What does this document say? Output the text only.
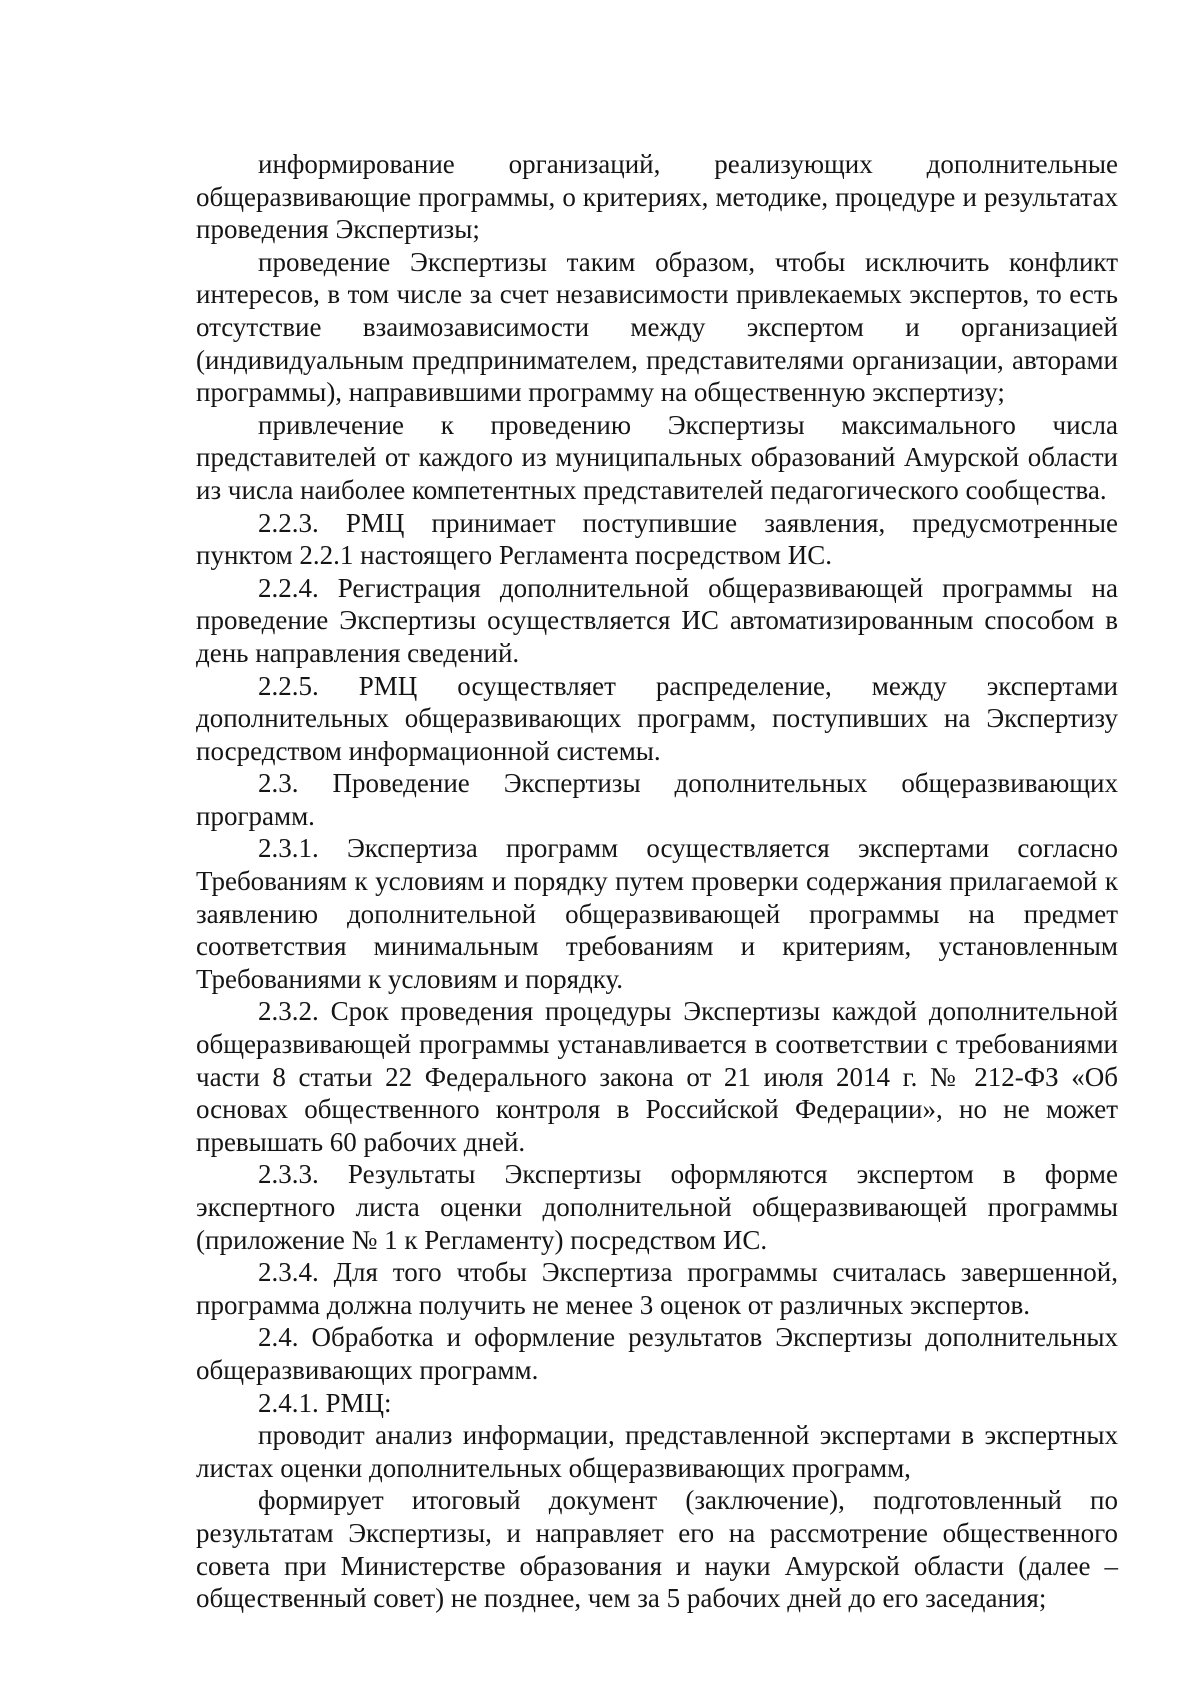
информирование организаций, реализующих дополнительные общеразвивающие программы, о критериях, методике, процедуре и результатах проведения Экспертизы;

проведение Экспертизы таким образом, чтобы исключить конфликт интересов, в том числе за счет независимости привлекаемых экспертов, то есть отсутствие взаимозависимости между экспертом и организацией (индивидуальным предпринимателем, представителями организации, авторами программы), направившими программу на общественную экспертизу;

привлечение к проведению Экспертизы максимального числа представителей от каждого из муниципальных образований Амурской области из числа наиболее компетентных представителей педагогического сообщества.

2.2.3. РМЦ принимает поступившие заявления, предусмотренные пунктом 2.2.1 настоящего Регламента посредством ИС.

2.2.4. Регистрация дополнительной общеразвивающей программы на проведение Экспертизы осуществляется ИС автоматизированным способом в день направления сведений.

2.2.5. РМЦ осуществляет распределение, между экспертами дополнительных общеразвивающих программ, поступивших на Экспертизу посредством информационной системы.

2.3. Проведение Экспертизы дополнительных общеразвивающих программ.

2.3.1. Экспертиза программ осуществляется экспертами согласно Требованиям к условиям и порядку путем проверки содержания прилагаемой к заявлению дополнительной общеразвивающей программы на предмет соответствия минимальным требованиям и критериям, установленным Требованиями к условиям и порядку.

2.3.2. Срок проведения процедуры Экспертизы каждой дополнительной общеразвивающей программы устанавливается в соответствии с требованиями части 8 статьи 22 Федерального закона от 21 июля 2014 г. № 212-ФЗ «Об основах общественного контроля в Российской Федерации», но не может превышать 60 рабочих дней.

2.3.3. Результаты Экспертизы оформляются экспертом в форме экспертного листа оценки дополнительной общеразвивающей программы (приложение № 1 к Регламенту) посредством ИС.

2.3.4. Для того чтобы Экспертиза программы считалась завершенной, программа должна получить не менее 3 оценок от различных экспертов.

2.4. Обработка и оформление результатов Экспертизы дополнительных общеразвивающих программ.

2.4.1. РМЦ:

проводит анализ информации, представленной экспертами в экспертных листах оценки дополнительных общеразвивающих программ,

формирует итоговый документ (заключение), подготовленный по результатам Экспертизы, и направляет его на рассмотрение общественного совета при Министерстве образования и науки Амурской области (далее – общественный совет) не позднее, чем за 5 рабочих дней до его заседания;
